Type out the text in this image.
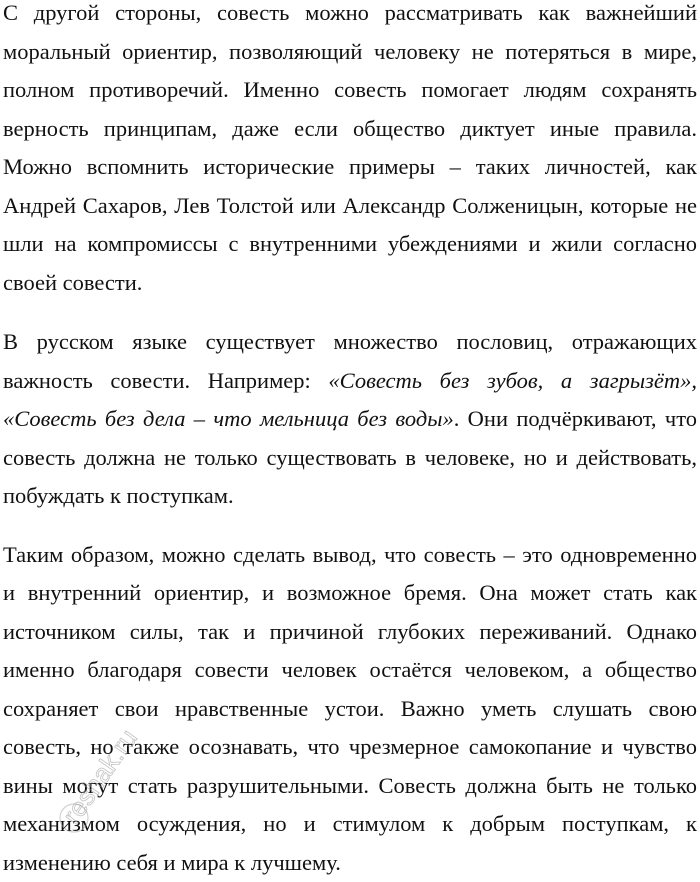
С другой стороны, совесть можно рассматривать как важнейший моральный ориентир, позволяющий человеку не потеряться в мире, полном противоречий. Именно совесть помогает людям сохранять верность принципам, даже если общество диктует иные правила. Можно вспомнить исторические примеры – таких личностей, как Андрей Сахаров, Лев Толстой или Александр Солженицын, которые не шли на компромиссы с внутренними убеждениями и жили согласно своей совести.

В русском языке существует множество пословиц, отражающих важность совести. Например: «Совесть без зубов, а загрызёт», «Совесть без дела – что мельница без воды». Они подчёркивают, что совесть должна не только существовать в человеке, но и действовать, побуждать к поступкам.

Таким образом, можно сделать вывод, что совесть – это одновременно и внутренний ориентир, и возможное бремя. Она может стать как источником силы, так и причиной глубоких переживаний. Однако именно благодаря совести человек остаётся человеком, а общество сохраняет свои нравственные устои. Важно уметь слушать свою совесть, но также осознавать, что чрезмерное самокопание и чувство вины могут стать разрушительными. Совесть должна быть не только механизмом осуждения, но и стимулом к добрым поступкам, к изменению себя и мира к лучшему.

reshak.ru
